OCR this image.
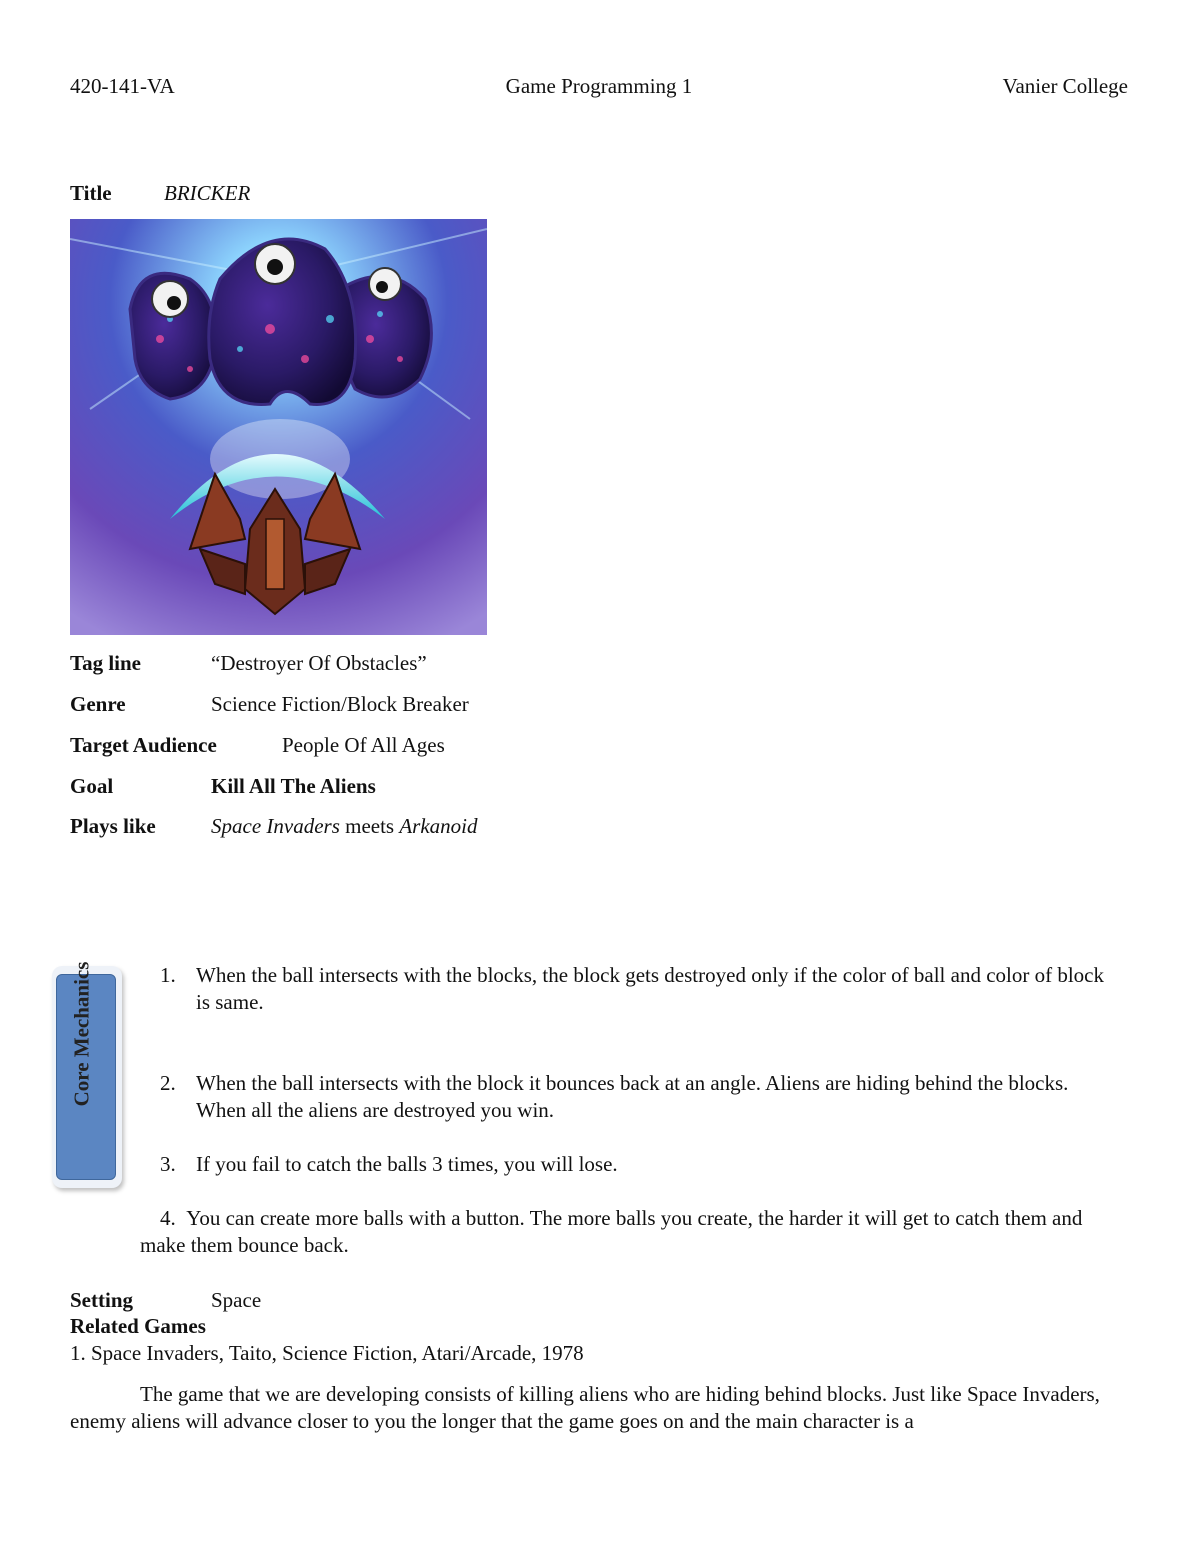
420-141-VA	Game Programming 1	Vanier College
Title BRICKER
Tag line	“Destroyer Of Obstacles”
Genre	Science Fiction/Block Breaker
Target Audience	People Of All Ages
Goal	Kill All The Aliens
Plays like	Space Invaders meets Arkanoid
Core Mechanics	1. When the ball intersects with the blocks, the block gets destroyed only if the color of ball and color of block is same.
2. When the ball intersects with the block it bounces back at an angle. Aliens are hiding behind the blocks. When all the aliens are destroyed you win.
3. If you fail to catch the balls 3 times, you will lose.
4. You can create more balls with a button. The more balls you create, the harder it will get to catch them and make them bounce back.
Setting	Space
Related Games
1. Space Invaders, Taito, Science Fiction, Atari/Arcade, 1978
The game that we are developing consists of killing aliens who are hiding behind blocks. Just like Space Invaders, enemy aliens will advance closer to you the longer that the game goes on and the main character is a
